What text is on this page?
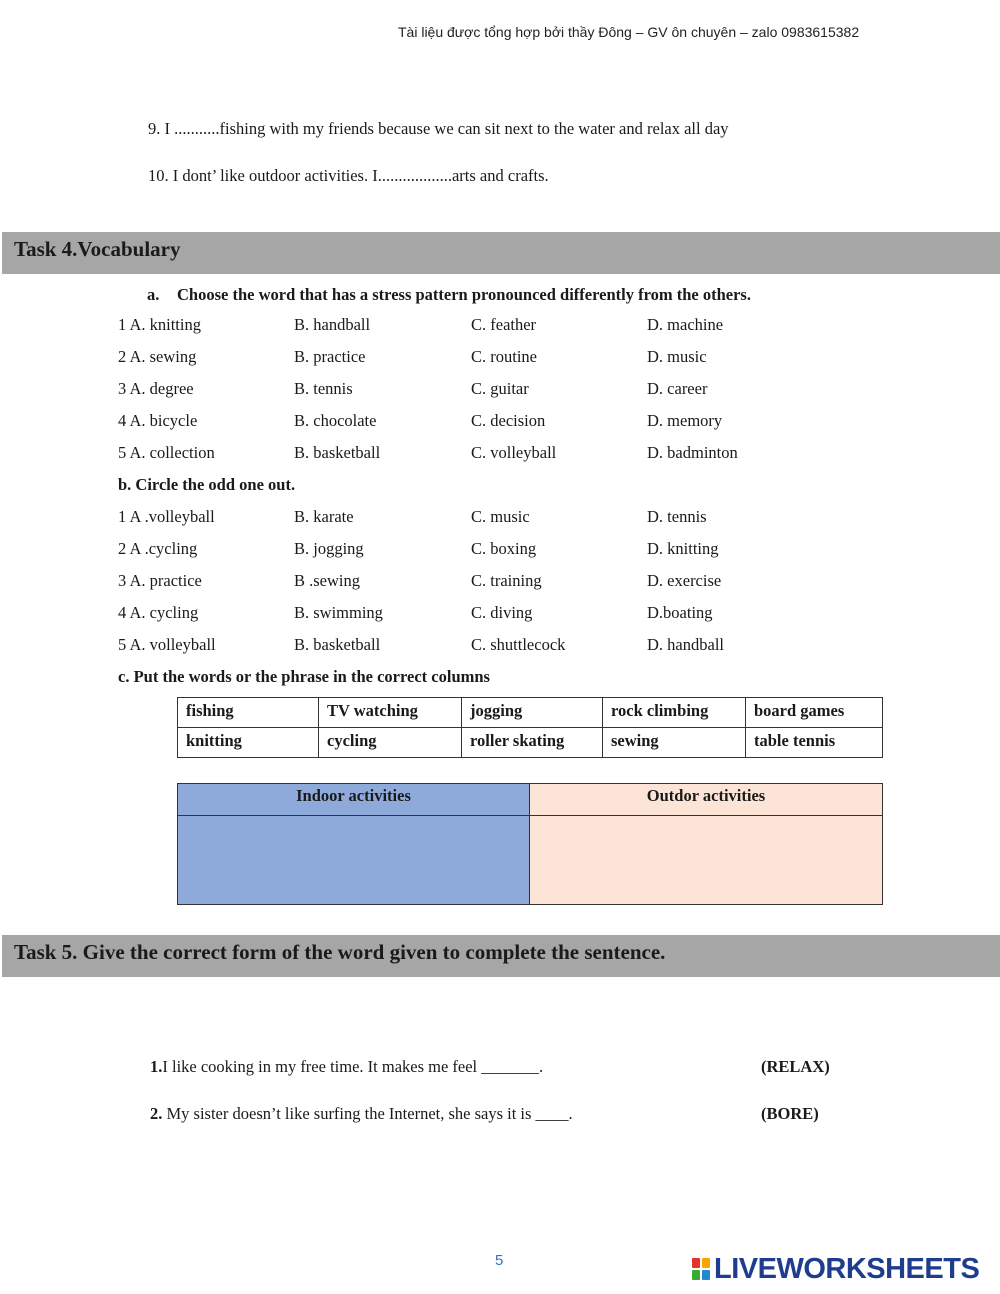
Tài liệu được tổng hợp bởi thầy Đông – GV ôn chuyên – zalo 0983615382
9. I ...........fishing with my friends because we can sit next to the water and relax all day
10. I dont’ like outdoor activities. I..................arts and crafts.
Task 4.Vocabulary
a. Choose the word that has a stress pattern pronounced differently from the others.
1 A. knitting	B. handball	C. feather	D. machine
2 A. sewing	B. practice	C. routine	D. music
3 A. degree	B. tennis	C. guitar	D. career
4 A. bicycle	B. chocolate	C. decision	D. memory
5 A. collection	B. basketball	C. volleyball	D. badminton
b. Circle the odd one out.
1 A .volleyball	B. karate	C. music	D. tennis
2 A .cycling	B. jogging	C. boxing	D. knitting
3 A. practice	B .sewing	C. training	D. exercise
4 A. cycling	B. swimming	C. diving	D.boating
5 A. volleyball	B. basketball	C. shuttlecock	D. handball
c. Put the words or the phrase in the correct columns
fishing	TV watching	jogging	rock climbing	board games
knitting	cycling	roller skating	sewing	table tennis
Indoor activities	Outdor activities
Task 5. Give the correct form of the word given to complete the sentence.
1.I like cooking in my free time. It makes me feel _______.	(RELAX)
2. My sister doesn’t like surfing the Internet, she says it is ____.	(BORE)
5	LIVEWORKSHEETS
